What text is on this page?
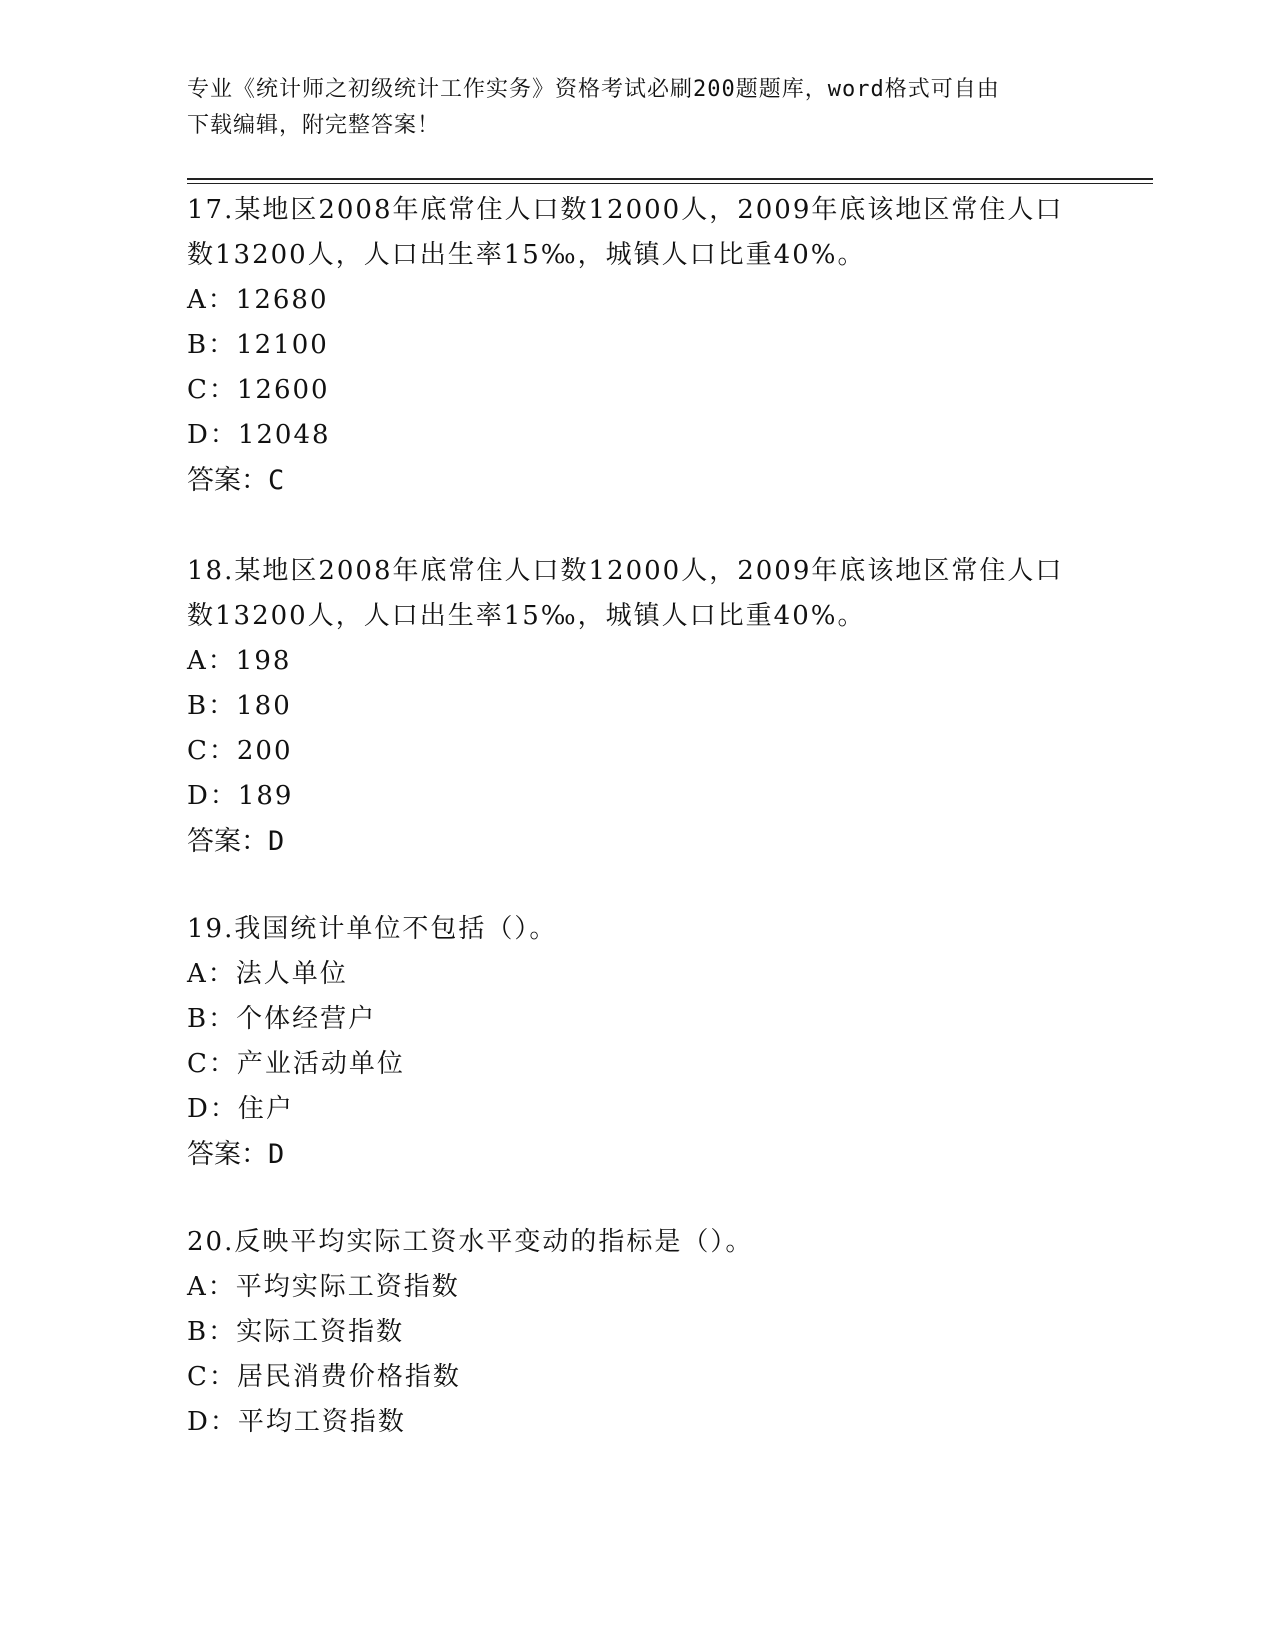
专业《统计师之初级统计工作实务》资格考试必刷200题题库，word格式可自由
下载编辑，附完整答案！

17.某地区2008年底常住人口数12000人，2009年底该地区常住人口

数13200人，人口出生率15‰，城镇人口比重40%。

A：12680

B：12100

C：12600

D：12048

答案：C

18.某地区2008年底常住人口数12000人，2009年底该地区常住人口

数13200人，人口出生率15‰，城镇人口比重40%。

A：198

B：180

C：200

D：189

答案：D

19.我国统计单位不包括（）。

A：法人单位

B：个体经营户

C：产业活动单位

D：住户

答案：D

20.反映平均实际工资水平变动的指标是（）。

A：平均实际工资指数

B：实际工资指数

C：居民消费价格指数

D：平均工资指数
